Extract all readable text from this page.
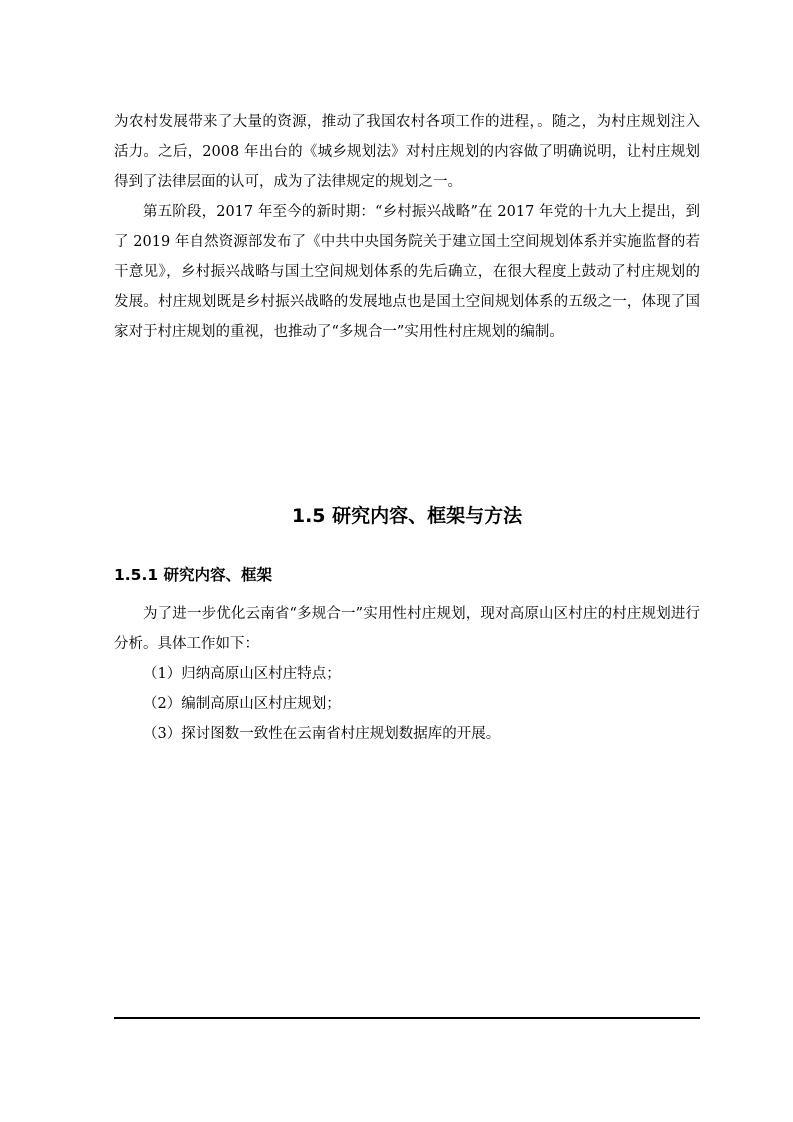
为农村发展带来了大量的资源，推动了我国农村各项工作的进程，。随之，为村庄规划注入活力。之后，2008 年出台的《城乡规划法》对村庄规划的内容做了明确说明，让村庄规划得到了法律层面的认可，成为了法律规定的规划之一。

第五阶段，2017 年至今的新时期：“乡村振兴战略”在 2017 年党的十九大上提出，到了 2019 年自然资源部发布了《中共中央国务院关于建立国土空间规划体系并实施监督的若干意见》，乡村振兴战略与国土空间规划体系的先后确立，在很大程度上鼓动了村庄规划的发展。村庄规划既是乡村振兴战略的发展地点也是国土空间规划体系的五级之一，体现了国家对于村庄规划的重视，也推动了“多规合一”实用性村庄规划的编制。

1.5 研究内容、框架与方法
1.5.1 研究内容、框架

为了进一步优化云南省“多规合一”实用性村庄规划，现对高原山区村庄的村庄规划进行分析。具体工作如下：

（1）归纳高原山区村庄特点；

（2）编制高原山区村庄规划；

（3）探讨图数一致性在云南省村庄规划数据库的开展。
